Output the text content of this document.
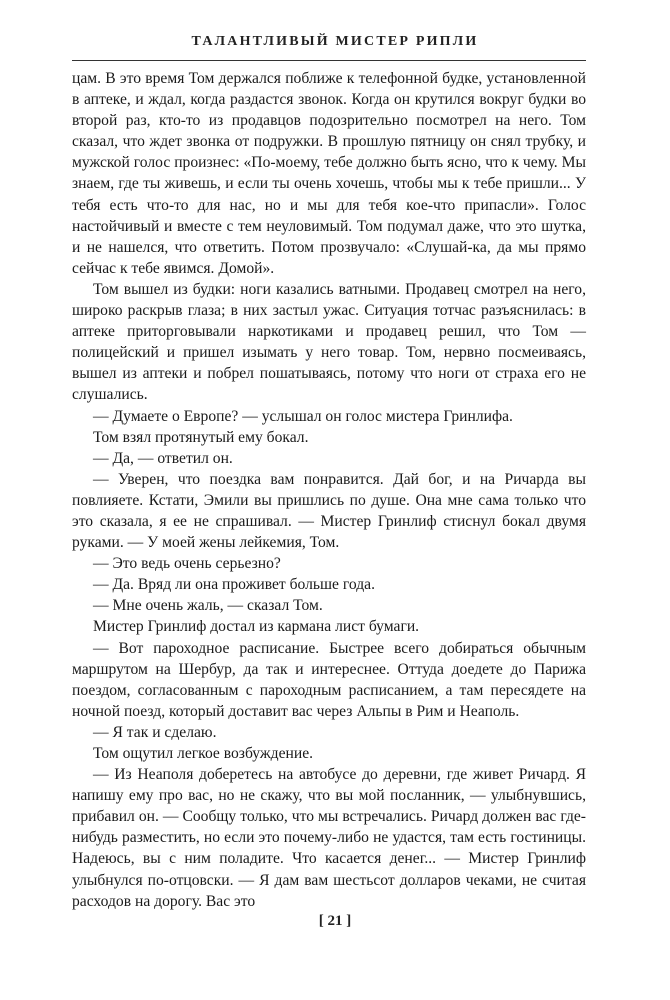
ТАЛАНТЛИВЫЙ МИСТЕР РИПЛИ

цам. В это время Том держался поближе к телефонной будке, установленной в аптеке, и ждал, когда раздастся звонок. Когда он крутился вокруг будки во второй раз, кто-то из продавцов подозрительно посмотрел на него. Том сказал, что ждет звонка от подружки. В прошлую пятницу он снял трубку, и мужской голос произнес: «По-моему, тебе должно быть ясно, что к чему. Мы знаем, где ты живешь, и если ты очень хочешь, чтобы мы к тебе пришли... У тебя есть что-то для нас, но и мы для тебя кое-что припасли». Голос настойчивый и вместе с тем неуловимый. Том подумал даже, что это шутка, и не нашелся, что ответить. Потом прозвучало: «Слушай-ка, да мы прямо сейчас к тебе явимся. Домой».

Том вышел из будки: ноги казались ватными. Продавец смотрел на него, широко раскрыв глаза; в них застыл ужас. Ситуация тотчас разъяснилась: в аптеке приторговывали наркотиками и продавец решил, что Том — полицейский и пришел изымать у него товар. Том, нервно посмеиваясь, вышел из аптеки и побрел пошатываясь, потому что ноги от страха его не слушались.

— Думаете о Европе? — услышал он голос мистера Гринлифа.

Том взял протянутый ему бокал.

— Да, — ответил он.

— Уверен, что поездка вам понравится. Дай бог, и на Ричарда вы повлияете. Кстати, Эмили вы пришлись по душе. Она мне сама только что это сказала, я ее не спрашивал. — Мистер Гринлиф стиснул бокал двумя руками. — У моей жены лейкемия, Том.

— Это ведь очень серьезно?

— Да. Вряд ли она проживет больше года.

— Мне очень жаль, — сказал Том.

Мистер Гринлиф достал из кармана лист бумаги.

— Вот пароходное расписание. Быстрее всего добираться обычным маршрутом на Шербур, да так и интереснее. Оттуда доедете до Парижа поездом, согласованным с пароходным расписанием, а там пересядете на ночной поезд, который доставит вас через Альпы в Рим и Неаполь.

— Я так и сделаю.

Том ощутил легкое возбуждение.

— Из Неаполя доберетесь на автобусе до деревни, где живет Ричард. Я напишу ему про вас, но не скажу, что вы мой посланник, — улыбнувшись, прибавил он. — Сообщу только, что мы встречались. Ричард должен вас где-нибудь разместить, но если это почему-либо не удастся, там есть гостиницы. Надеюсь, вы с ним поладите. Что касается денег... — Мистер Гринлиф улыбнулся по-отцовски. — Я дам вам шестьсот долларов чеками, не считая расходов на дорогу. Вас это

[ 21 ]
